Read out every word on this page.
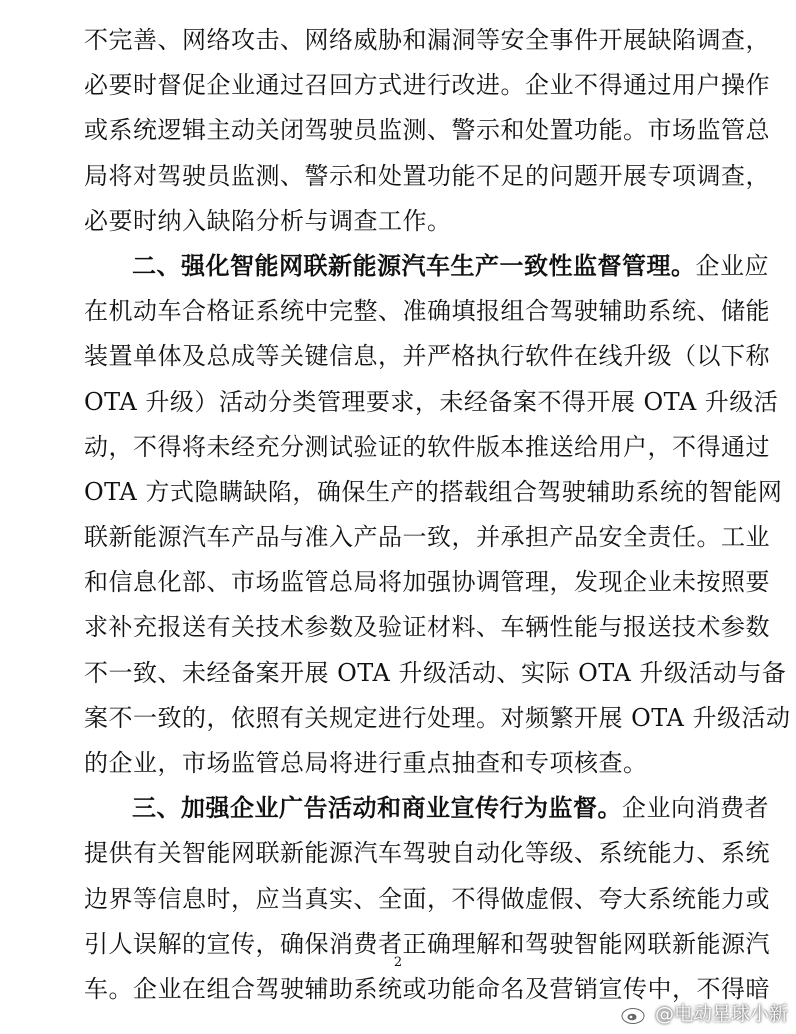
不完善、网络攻击、网络威胁和漏洞等安全事件开展缺陷调查，
必要时督促企业通过召回方式进行改进。企业不得通过用户操作
或系统逻辑主动关闭驾驶员监测、警示和处置功能。市场监管总
局将对驾驶员监测、警示和处置功能不足的问题开展专项调查，
必要时纳入缺陷分析与调查工作。
二、强化智能网联新能源汽车生产一致性监督管理。企业应
在机动车合格证系统中完整、准确填报组合驾驶辅助系统、储能
装置单体及总成等关键信息，并严格执行软件在线升级（以下称
OTA 升级）活动分类管理要求，未经备案不得开展 OTA 升级活
动，不得将未经充分测试验证的软件版本推送给用户，不得通过
OTA 方式隐瞒缺陷，确保生产的搭载组合驾驶辅助系统的智能网
联新能源汽车产品与准入产品一致，并承担产品安全责任。工业
和信息化部、市场监管总局将加强协调管理，发现企业未按照要
求补充报送有关技术参数及验证材料、车辆性能与报送技术参数
不一致、未经备案开展 OTA 升级活动、实际 OTA 升级活动与备
案不一致的，依照有关规定进行处理。对频繁开展 OTA 升级活动
的企业，市场监管总局将进行重点抽查和专项核查。
三、加强企业广告活动和商业宣传行为监督。企业向消费者
提供有关智能网联新能源汽车驾驶自动化等级、系统能力、系统
边界等信息时，应当真实、全面，不得做虚假、夸大系统能力或
引人误解的宣传，确保消费者正确理解和驾驶智能网联新能源汽
车。企业在组合驾驶辅助系统或功能命名及营销宣传中，不得暗
2
@电动星球小新
